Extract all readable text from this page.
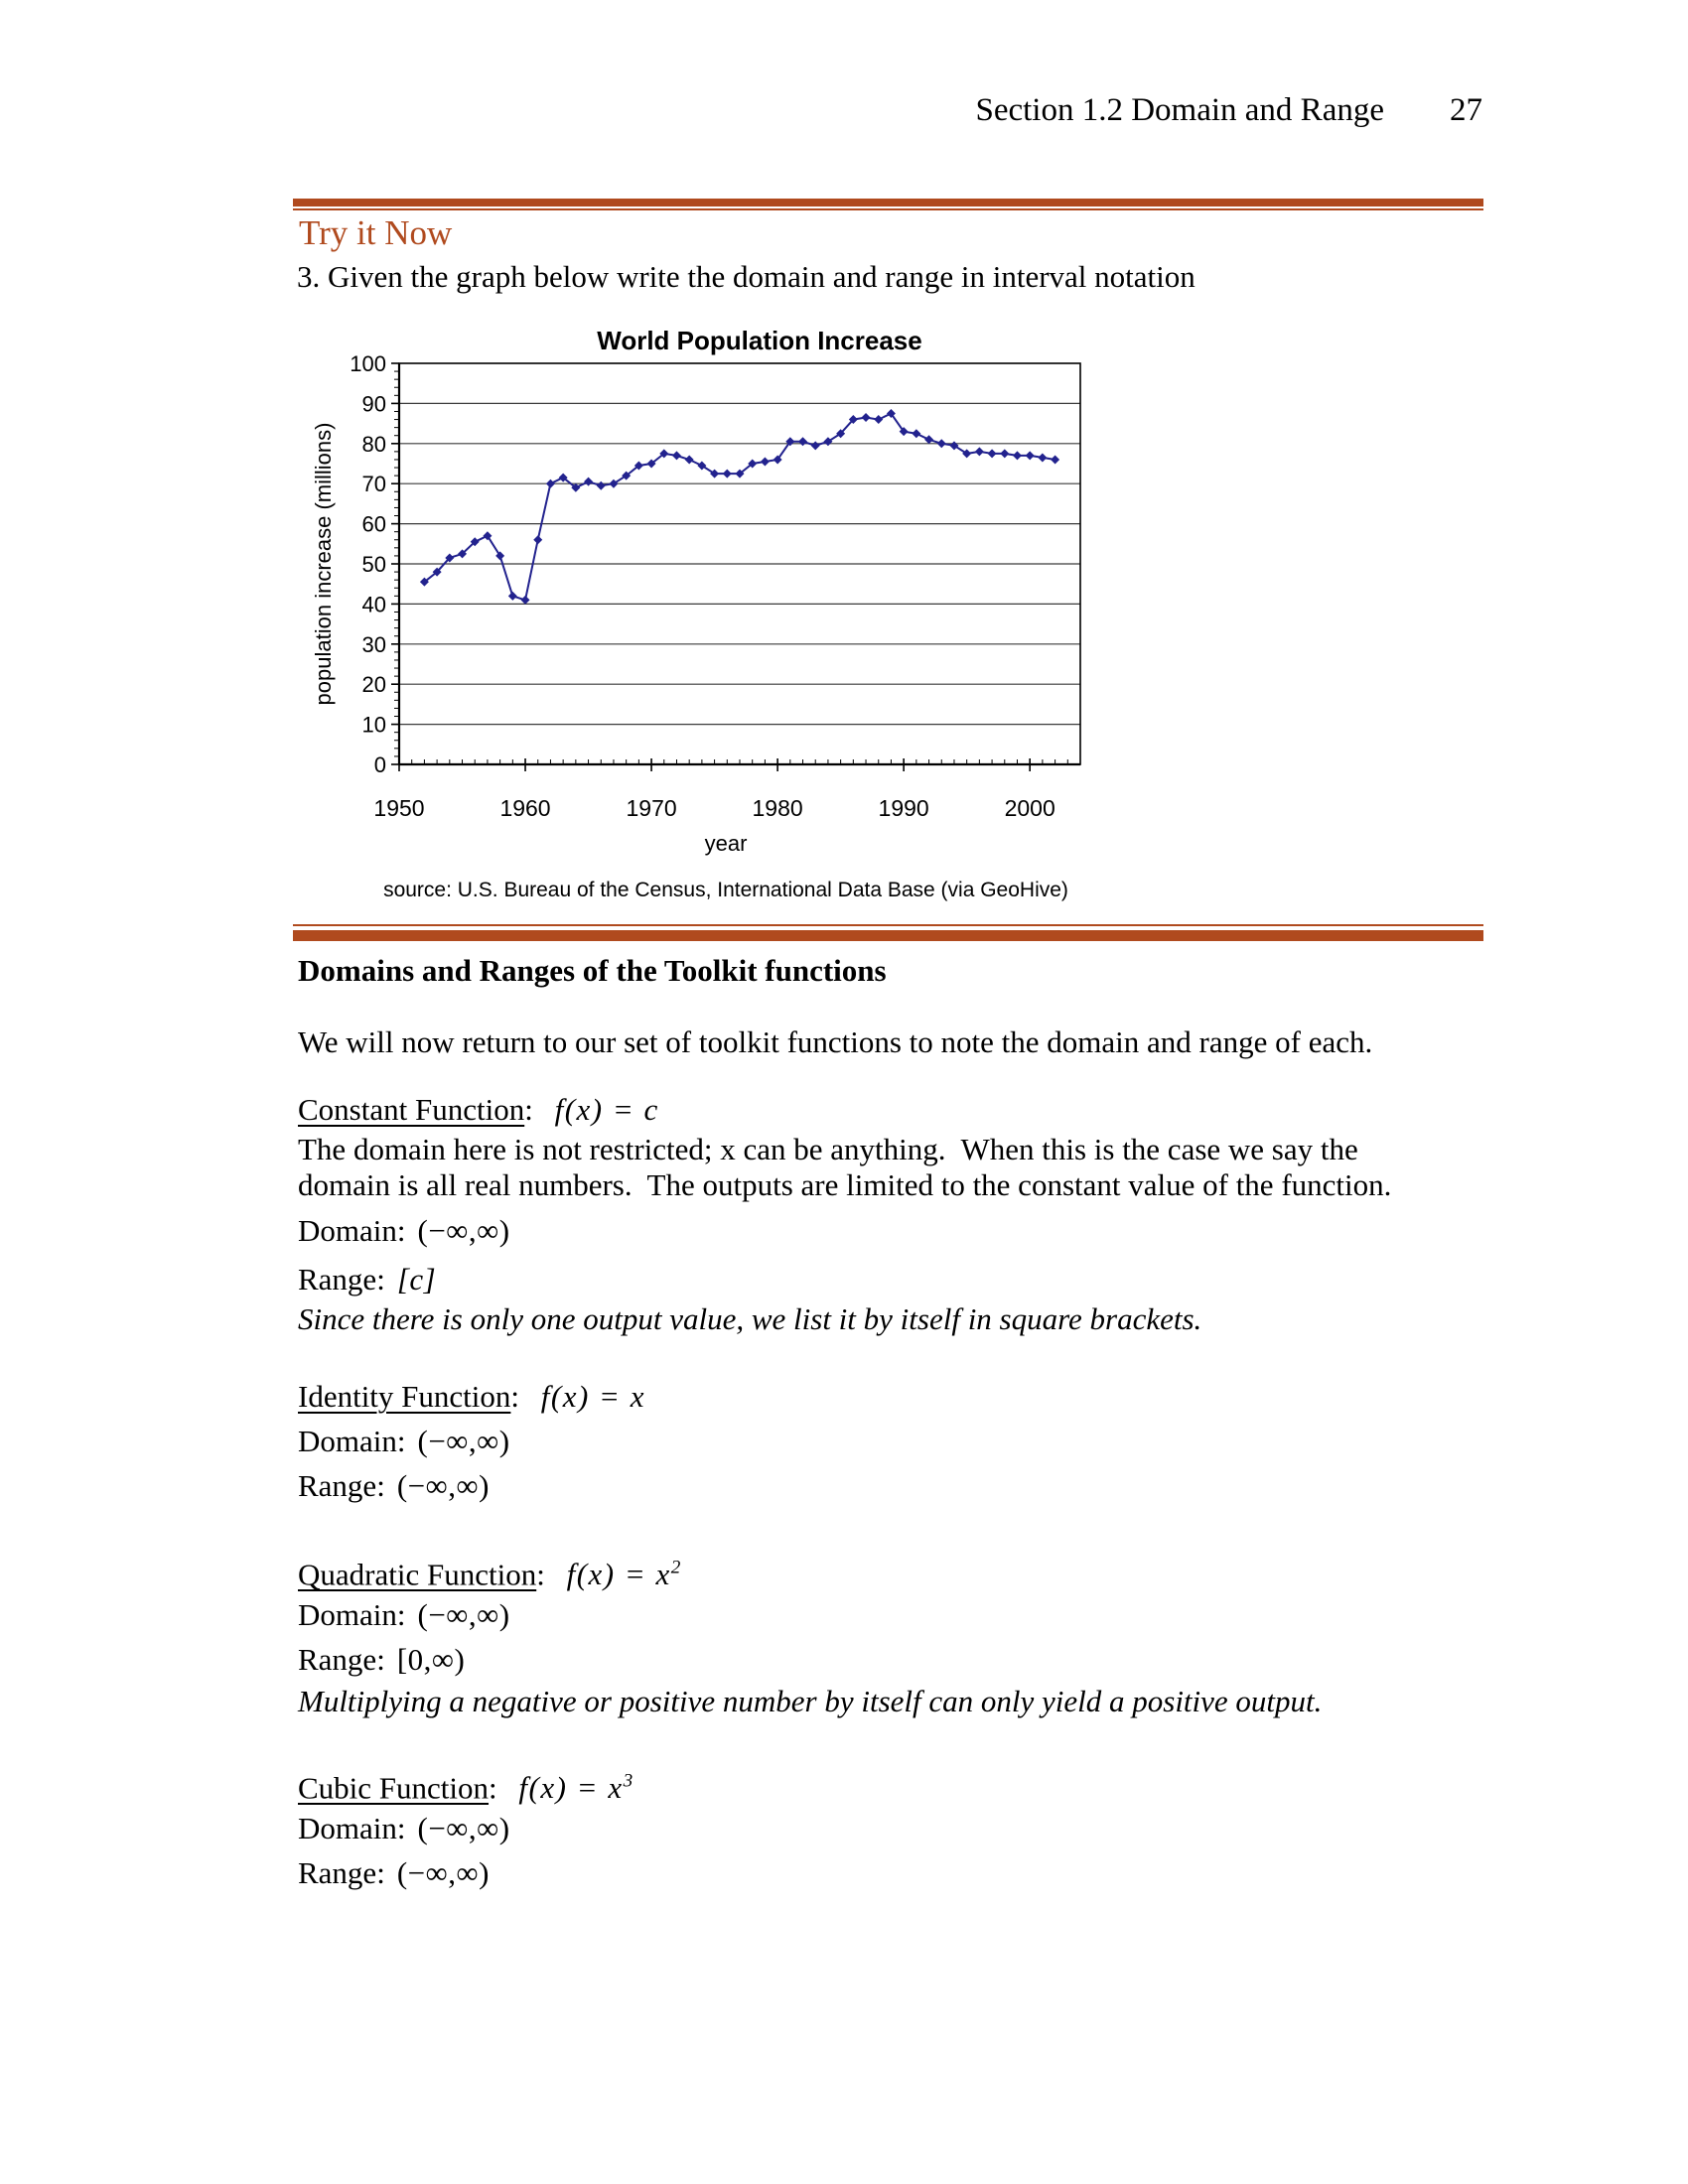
Section 1.2 Domain and Range 27
Try it Now
3. Given the graph below write the domain and range in interval notation
0
10
20
30
40
50
60
70
80
90
100
1950	1960	1970	1980	1990	2000
World Population Increase
year
population increase (millions)
source: U.S. Bureau of the Census, International Data Base (via GeoHive)
Domains and Ranges of the Toolkit functions
We will now return to our set of toolkit functions to note the domain and range of each.
Constant Function: f(x) = c
The domain here is not restricted; x can be anything.  When this is the case we say the
domain is all real numbers.  The outputs are limited to the constant value of the function.
Domain: (−∞,∞)
Range: [c]
Since there is only one output value, we list it by itself in square brackets.
Identity Function: f(x) = x
Domain: (−∞,∞)
Range: (−∞,∞)
Quadratic Function: $f(x) = x^2$
Domain: (−∞,∞)
Range: [0,∞)
Multiplying a negative or positive number by itself can only yield a positive output.
Cubic Function: $f(x) = x^3$
Domain: (−∞,∞)
Range: (−∞,∞)
